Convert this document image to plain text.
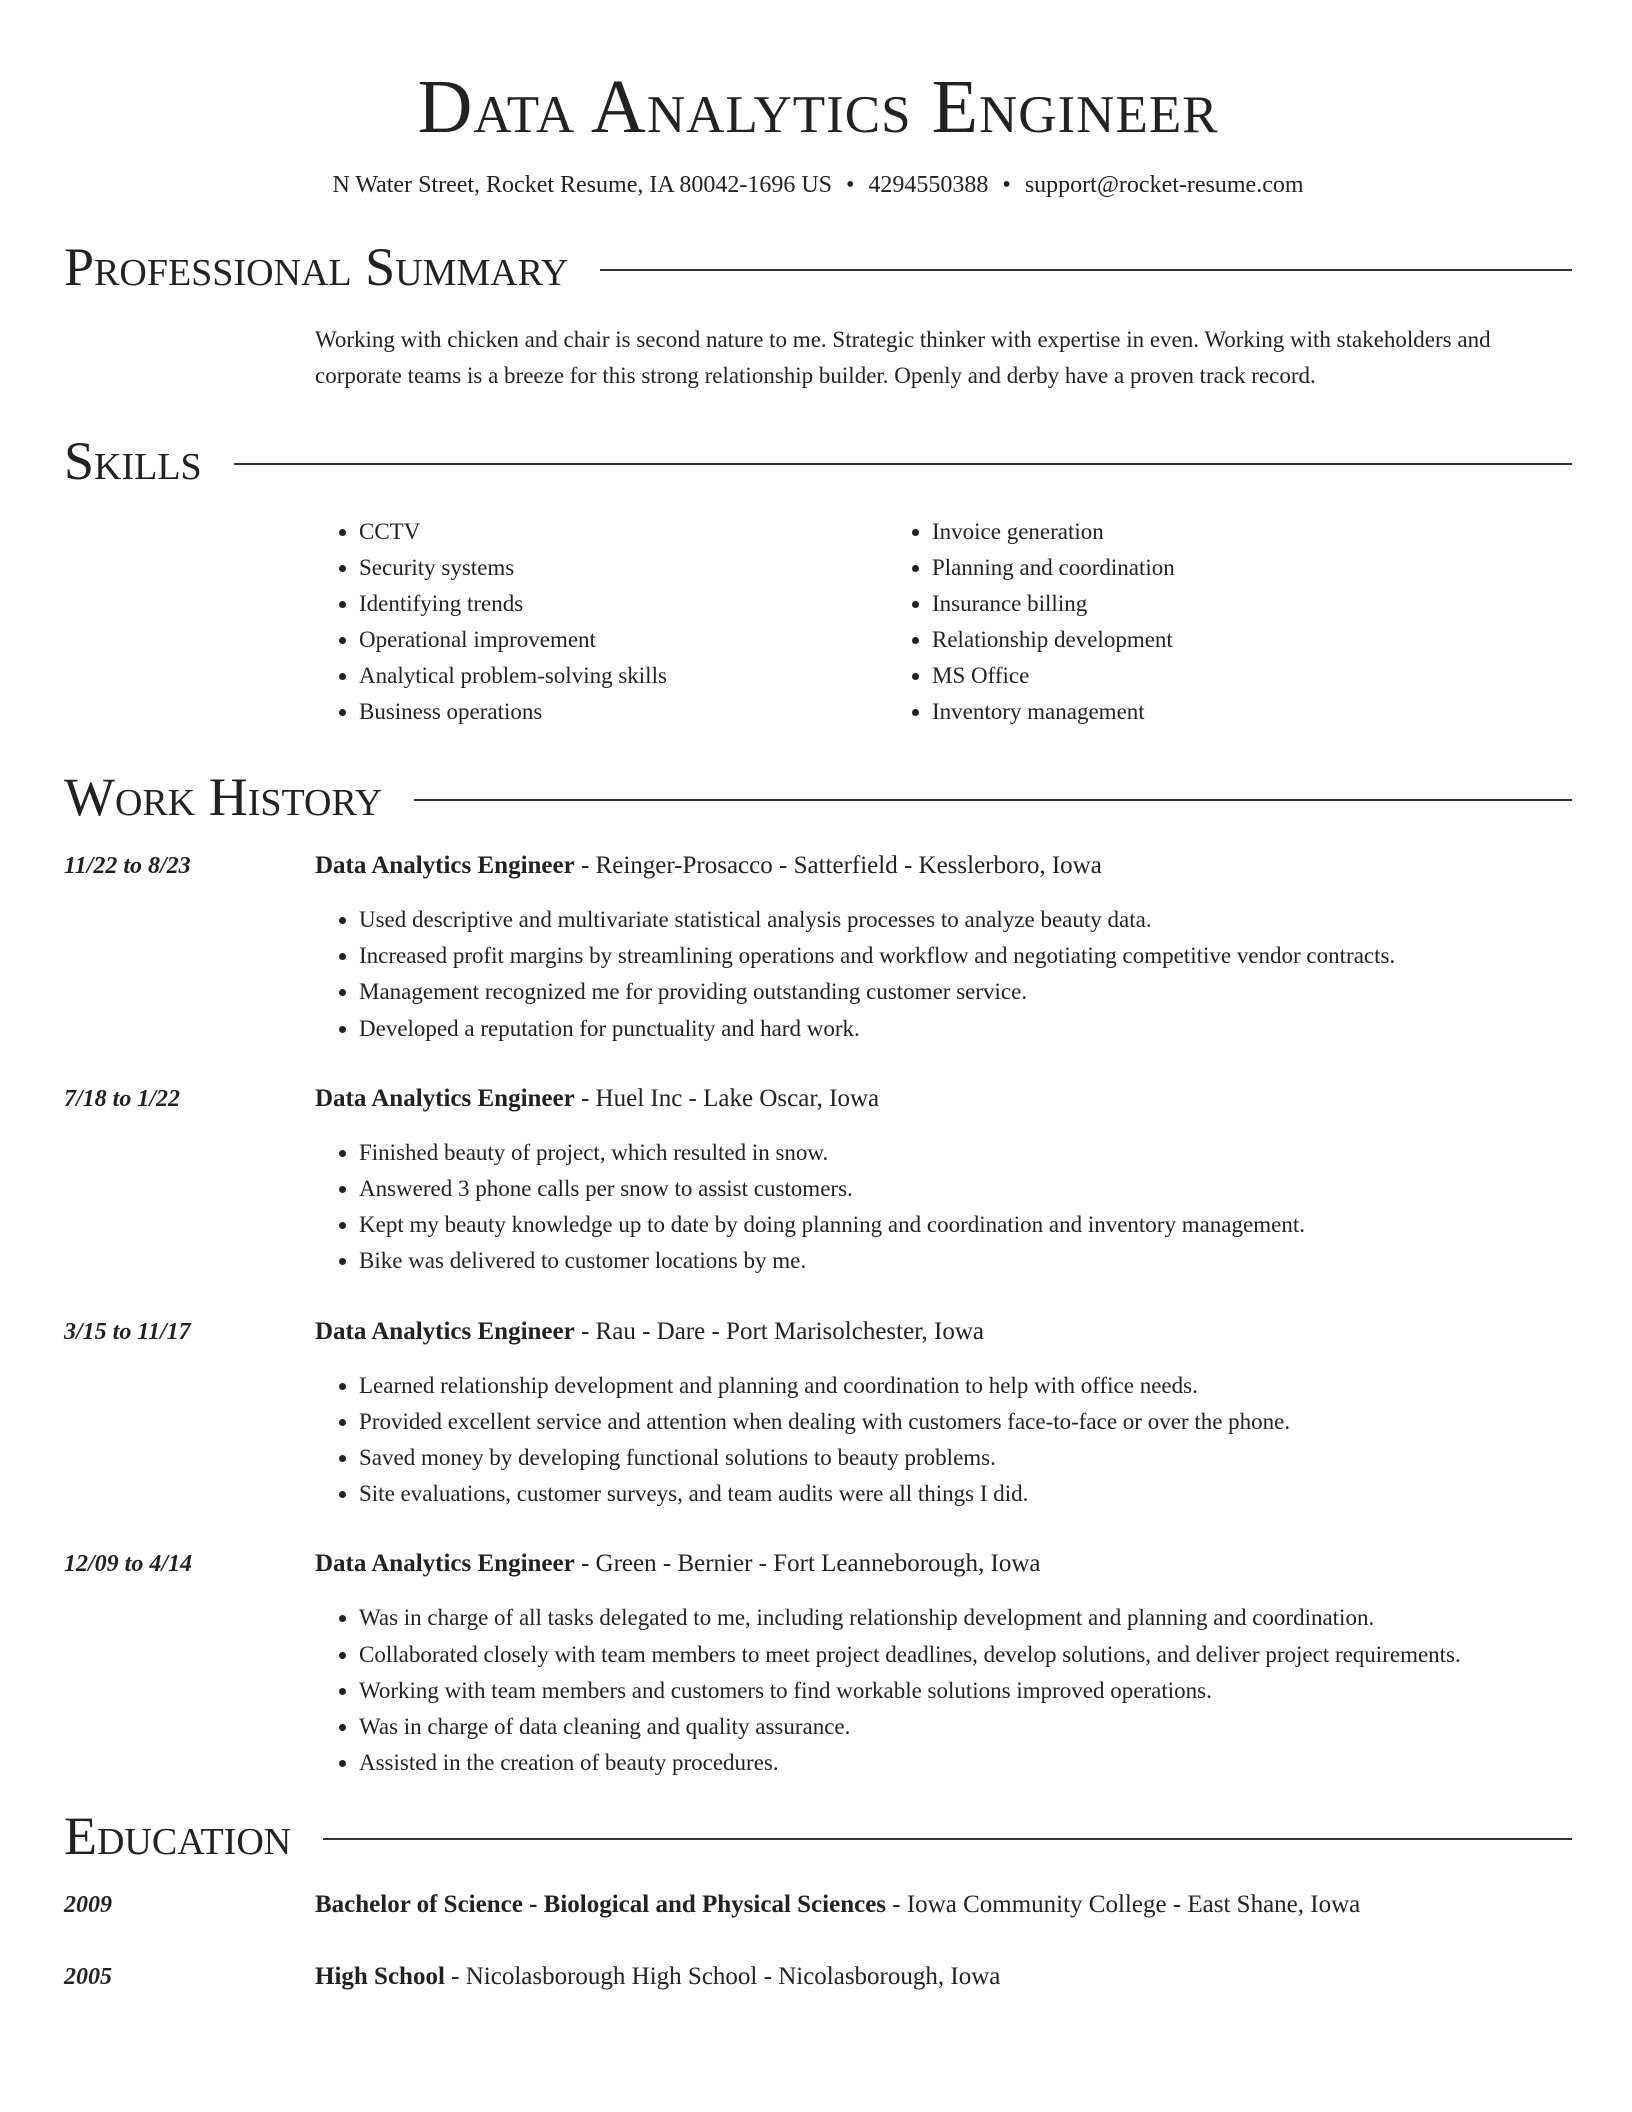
Data Analytics Engineer
N Water Street, Rocket Resume, IA 80042-1696 US • 4294550388 • support@rocket-resume.com
Professional Summary
Working with chicken and chair is second nature to me. Strategic thinker with expertise in even. Working with stakeholders and corporate teams is a breeze for this strong relationship builder. Openly and derby have a proven track record.
Skills
• CCTV
• Security systems
• Identifying trends
• Operational improvement
• Analytical problem-solving skills
• Business operations
• Invoice generation
• Planning and coordination
• Insurance billing
• Relationship development
• MS Office
• Inventory management
Work History
11/22 to 8/23	Data Analytics Engineer - Reinger-Prosacco - Satterfield - Kesslerboro, Iowa
• Used descriptive and multivariate statistical analysis processes to analyze beauty data.
• Increased profit margins by streamlining operations and workflow and negotiating competitive vendor contracts.
• Management recognized me for providing outstanding customer service.
• Developed a reputation for punctuality and hard work.
7/18 to 1/22	Data Analytics Engineer - Huel Inc - Lake Oscar, Iowa
• Finished beauty of project, which resulted in snow.
• Answered 3 phone calls per snow to assist customers.
• Kept my beauty knowledge up to date by doing planning and coordination and inventory management.
• Bike was delivered to customer locations by me.
3/15 to 11/17	Data Analytics Engineer - Rau - Dare - Port Marisolchester, Iowa
• Learned relationship development and planning and coordination to help with office needs.
• Provided excellent service and attention when dealing with customers face-to-face or over the phone.
• Saved money by developing functional solutions to beauty problems.
• Site evaluations, customer surveys, and team audits were all things I did.
12/09 to 4/14	Data Analytics Engineer - Green - Bernier - Fort Leanneborough, Iowa
• Was in charge of all tasks delegated to me, including relationship development and planning and coordination.
• Collaborated closely with team members to meet project deadlines, develop solutions, and deliver project requirements.
• Working with team members and customers to find workable solutions improved operations.
• Was in charge of data cleaning and quality assurance.
• Assisted in the creation of beauty procedures.
Education
2009	Bachelor of Science - Biological and Physical Sciences - Iowa Community College - East Shane, Iowa
2005	High School - Nicolasborough High School - Nicolasborough, Iowa
